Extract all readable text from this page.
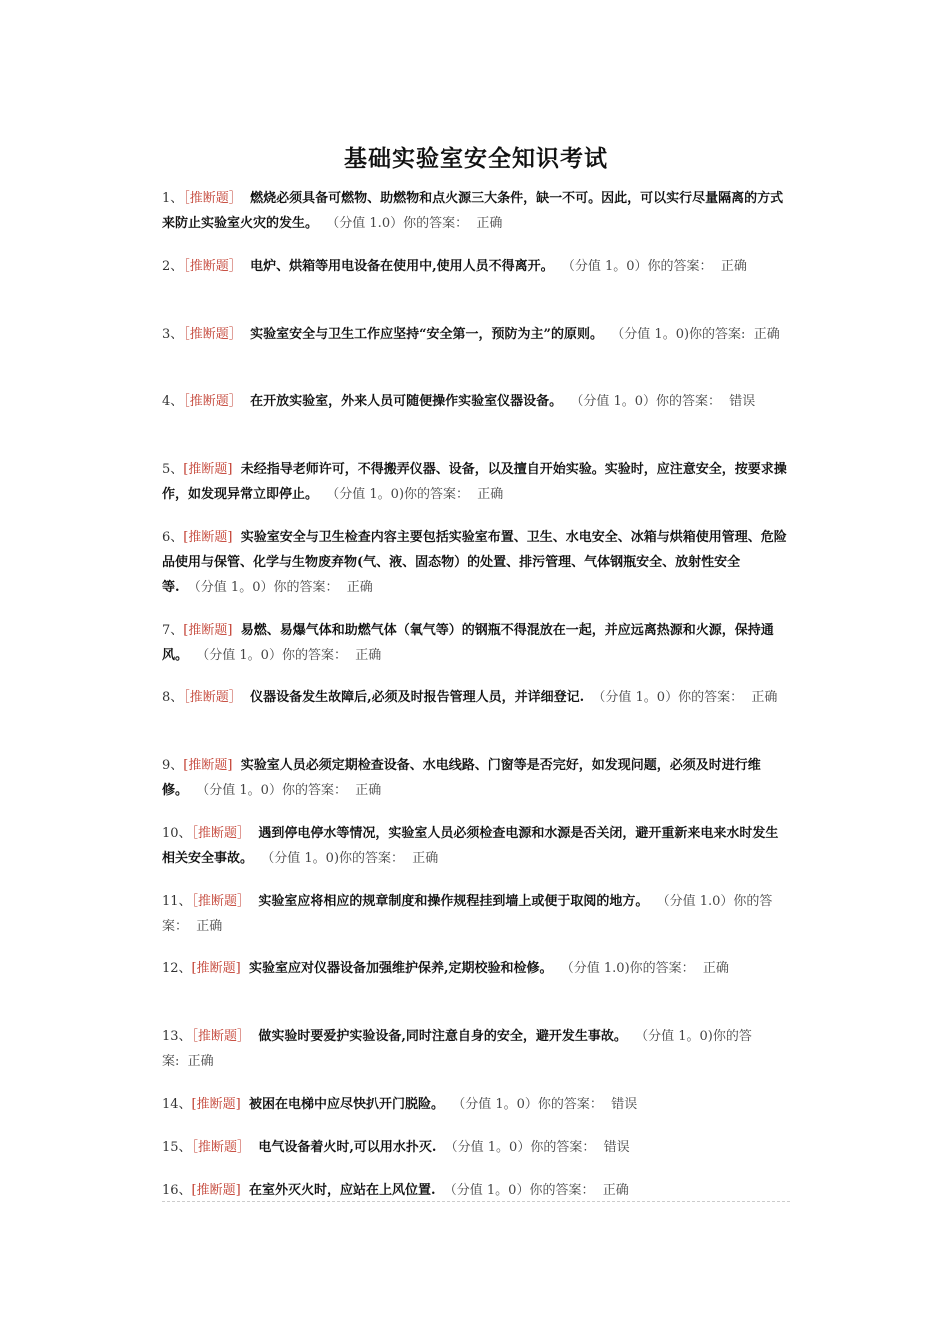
基础实验室安全知识考试
1、［推断题］ 燃烧必须具备可燃物、助燃物和点火源三大条件，缺一不可。因此，可以实行尽量隔离的方式来防止实验室火灾的发生。 （分值 1.0）你的答案： 正确
2、［推断题］ 电炉、烘箱等用电设备在使用中,使用人员不得离开。 （分值 1。0）你的答案： 正确
3、［推断题］ 实验室安全与卫生工作应坚持“安全第一，预防为主”的原则。 （分值 1。0)你的答案: 正确
4、［推断题］ 在开放实验室，外来人员可随便操作实验室仪器设备。 （分值 1。0）你的答案： 错误
5、[推断题] 未经指导老师许可，不得搬弄仪器、设备，以及擅自开始实验。实验时，应注意安全，按要求操作，如发现异常立即停止。 （分值 1。0)你的答案： 正确
6、[推断题] 实验室安全与卫生检查内容主要包括实验室布置、卫生、水电安全、冰箱与烘箱使用管理、危险品使用与保管、化学与生物废弃物(气、液、固态物）的处置、排污管理、气体钢瓶安全、放射性安全等. （分值 1。0）你的答案： 正确
7、[推断题] 易燃、易爆气体和助燃气体（氧气等）的钢瓶不得混放在一起，并应远离热源和火源，保持通风。 （分值 1。0）你的答案： 正确
8、［推断题］ 仪器设备发生故障后,必须及时报告管理人员，并详细登记. （分值 1。0）你的答案： 正确
9、[推断题] 实验室人员必须定期检查设备、水电线路、门窗等是否完好，如发现问题，必须及时进行维修。 （分值 1。0）你的答案： 正确
10、［推断题］ 遇到停电停水等情况，实验室人员必须检查电源和水源是否关闭，避开重新来电来水时发生相关安全事故。 （分值 1。0)你的答案： 正确
11、［推断题］ 实验室应将相应的规章制度和操作规程挂到墙上或便于取阅的地方。 （分值 1.0）你的答案： 正确
12、[推断题] 实验室应对仪器设备加强维护保养,定期校验和检修。 （分值 1.0)你的答案： 正确
13、［推断题］ 做实验时要爱护实验设备,同时注意自身的安全，避开发生事故。 （分值 1。0)你的答案: 正确
14、[推断题] 被困在电梯中应尽快扒开门脱险。 （分值 1。0）你的答案： 错误
15、［推断题］ 电气设备着火时,可以用水扑灭. （分值 1。0）你的答案： 错误
16、[推断题] 在室外灭火时，应站在上风位置. （分值 1。0）你的答案： 正确
